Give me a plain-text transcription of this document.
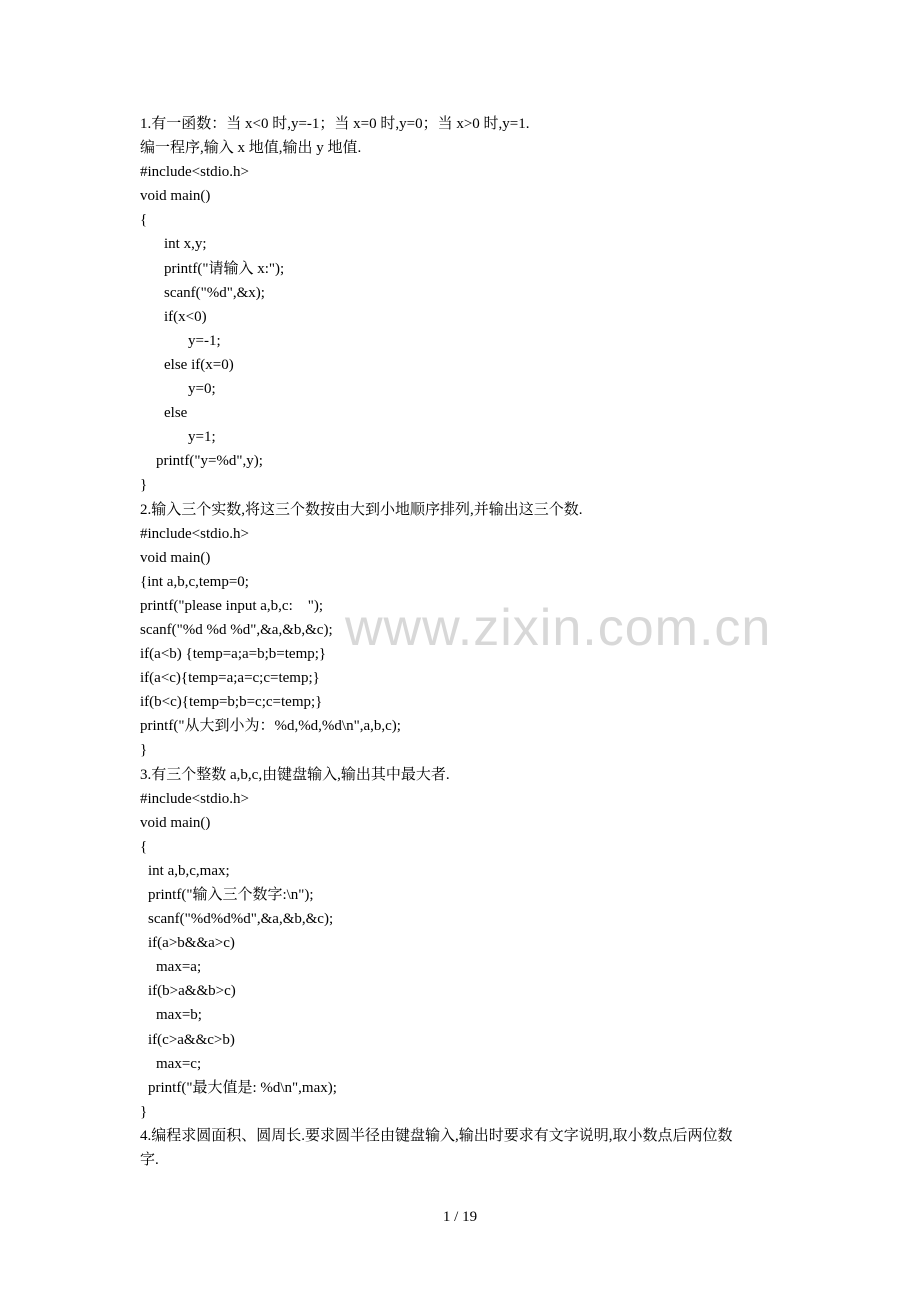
www.zixin.com.cn
1.有一函数：当 x<0 时,y=-1；当 x=0 时,y=0；当 x>0 时,y=1.
编一程序,输入 x 地值,输出 y 地值.
#include<stdio.h>
void main()
{
int x,y;
printf("请输入 x:");
scanf("%d",&x);
if(x<0)
y=-1;
else if(x=0)
y=0;
else
y=1;
printf("y=%d",y);
}
2.输入三个实数,将这三个数按由大到小地顺序排列,并输出这三个数.
#include<stdio.h>
void main()
{int a,b,c,temp=0;
printf("please input a,b,c:    ");
scanf("%d %d %d",&a,&b,&c);
if(a<b) {temp=a;a=b;b=temp;}
if(a<c){temp=a;a=c;c=temp;}
if(b<c){temp=b;b=c;c=temp;}
printf("从大到小为：%d,%d,%d\n",a,b,c);
}
3.有三个整数 a,b,c,由键盘输入,输出其中最大者.
#include<stdio.h>
void main()
{
int a,b,c,max;
printf("输入三个数字:\n");
scanf("%d%d%d",&a,&b,&c);
if(a>b&&a>c)
max=a;
if(b>a&&b>c)
max=b;
if(c>a&&c>b)
max=c;
printf("最大值是: %d\n",max);
}
4.编程求圆面积、圆周长.要求圆半径由键盘输入,输出时要求有文字说明,取小数点后两位数
字.
1 / 19
